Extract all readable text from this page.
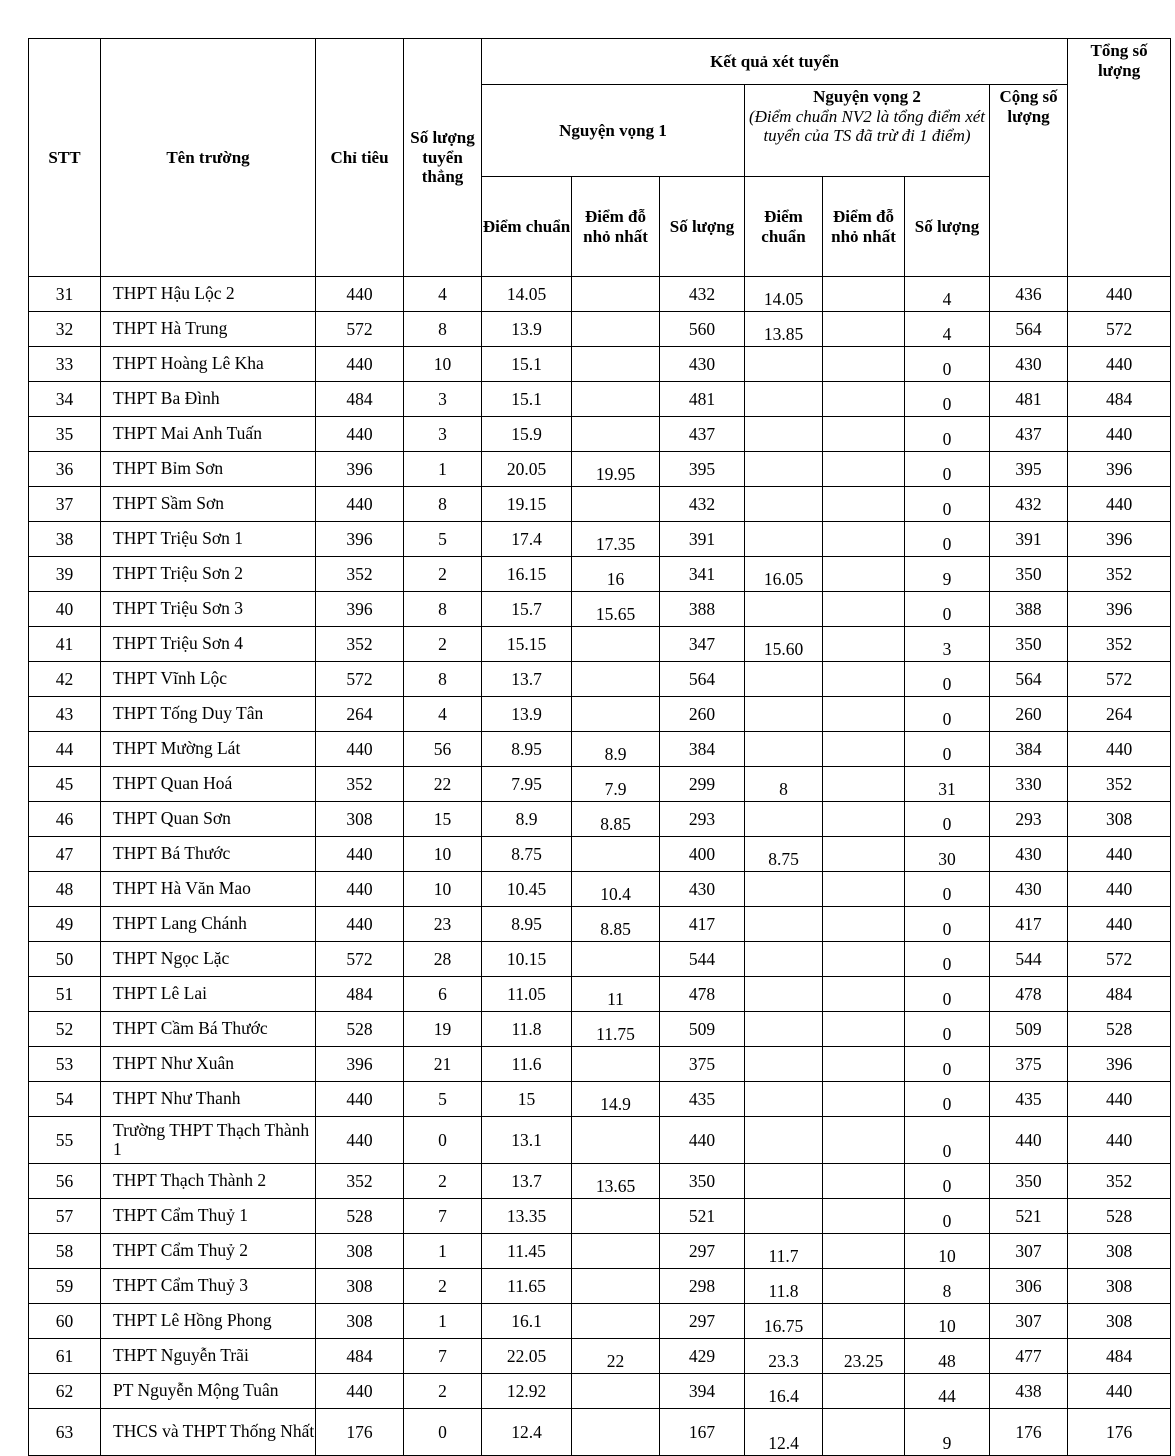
STT	Tên trường	Chỉ tiêu	Số lượng tuyển thẳng	Kết quả xét tuyển							Tổng số lượng
				Nguyện vọng 1			Nguyện vọng 2
(Điểm chuẩn NV2 là tổng điểm xét tuyển của TS đã trừ đi 1 điểm)			Cộng số lượng	
				Điểm chuẩn	Điểm đỗ nhỏ nhất	Số lượng	Điểm chuẩn	Điểm đỗ nhỏ nhất	Số lượng		
31	THPT Hậu Lộc 2	440	4	14.05		432	14.05		4	436	440
32	THPT Hà Trung	572	8	13.9		560	13.85		4	564	572
33	THPT Hoàng Lê Kha	440	10	15.1		430			0	430	440
34	THPT Ba Đình	484	3	15.1		481			0	481	484
35	THPT Mai Anh Tuấn	440	3	15.9		437			0	437	440
36	THPT Bỉm Sơn	396	1	20.05	19.95	395			0	395	396
37	THPT Sầm Sơn	440	8	19.15		432			0	432	440
38	THPT Triệu Sơn 1	396	5	17.4	17.35	391			0	391	396
39	THPT Triệu Sơn 2	352	2	16.15	16	341	16.05		9	350	352
40	THPT Triệu Sơn 3	396	8	15.7	15.65	388			0	388	396
41	THPT Triệu Sơn 4	352	2	15.15		347	15.60		3	350	352
42	THPT Vĩnh Lộc	572	8	13.7		564			0	564	572
43	THPT Tống Duy Tân	264	4	13.9		260			0	260	264
44	THPT Mường Lát	440	56	8.95	8.9	384			0	384	440
45	THPT Quan Hoá	352	22	7.95	7.9	299	8		31	330	352
46	THPT Quan Sơn	308	15	8.9	8.85	293			0	293	308
47	THPT Bá Thước	440	10	8.75		400	8.75		30	430	440
48	THPT Hà Văn Mao	440	10	10.45	10.4	430			0	430	440
49	THPT Lang Chánh	440	23	8.95	8.85	417			0	417	440
50	THPT Ngọc Lặc	572	28	10.15		544			0	544	572
51	THPT Lê Lai	484	6	11.05	11	478			0	478	484
52	THPT Cầm Bá Thước	528	19	11.8	11.75	509			0	509	528
53	THPT Như Xuân	396	21	11.6		375			0	375	396
54	THPT Như Thanh	440	5	15	14.9	435			0	435	440
55	Trường THPT Thạch Thành 1	440	0	13.1		440			0	440	440
56	THPT Thạch Thành 2	352	2	13.7	13.65	350			0	350	352
57	THPT Cẩm Thuỷ 1	528	7	13.35		521			0	521	528
58	THPT Cẩm Thuỷ 2	308	1	11.45		297	11.7		10	307	308
59	THPT Cẩm Thuỷ 3	308	2	11.65		298	11.8		8	306	308
60	THPT Lê Hồng Phong	308	1	16.1		297	16.75		10	307	308
61	THPT Nguyễn Trãi	484	7	22.05	22	429	23.3	23.25	48	477	484
62	PT Nguyễn Mộng Tuân	440	2	12.92		394	16.4		44	438	440
63	THCS và THPT Thống Nhất	176	0	12.4		167	12.4		9	176	176
